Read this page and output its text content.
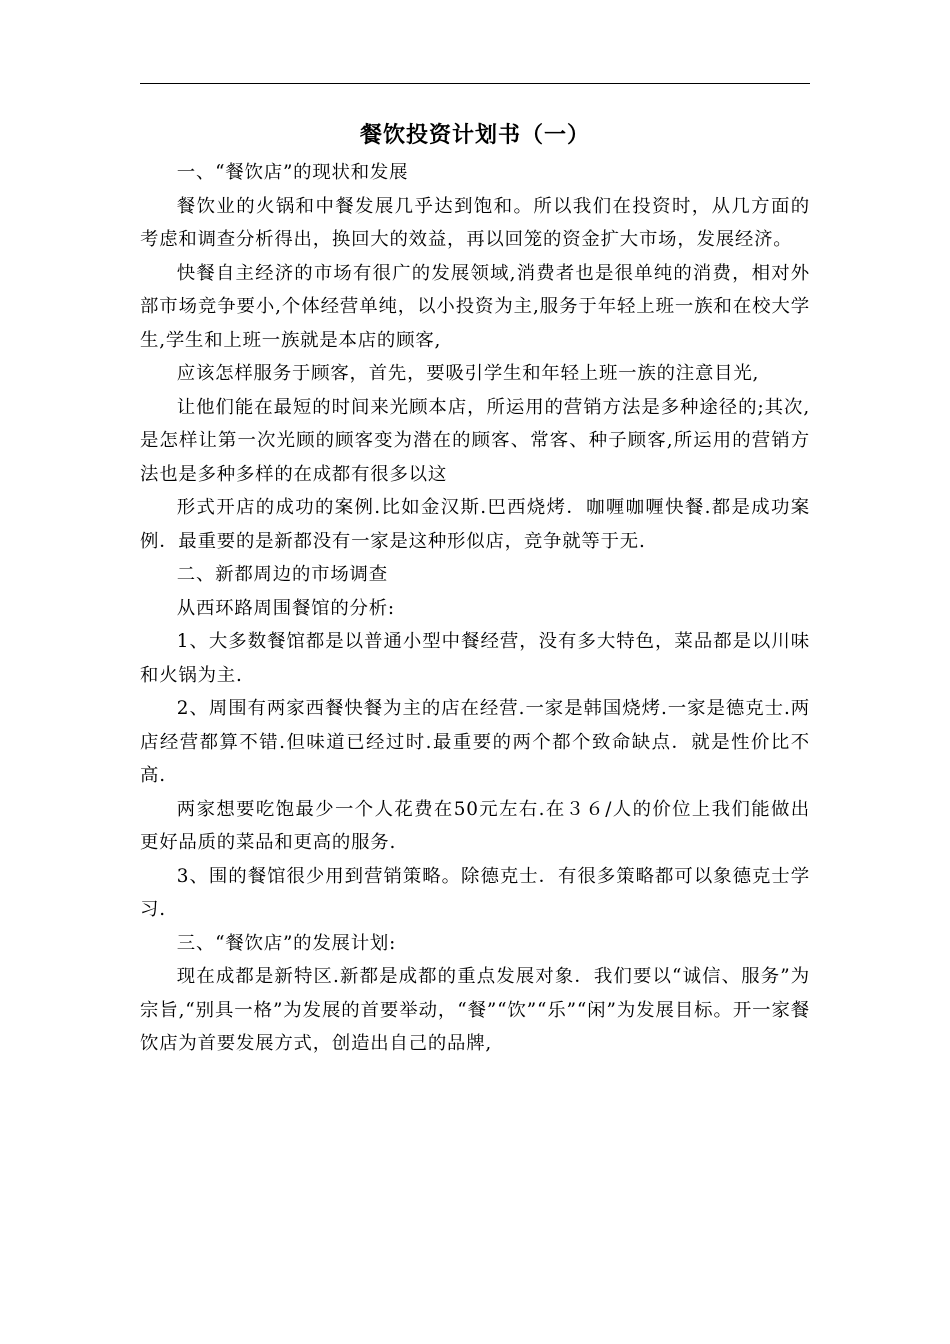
餐饮投资计划书（一）

一、“餐饮店”的现状和发展

餐饮业的火锅和中餐发展几乎达到饱和。所以我们在投资时，从几方面的考虑和调查分析得出，换回大的效益，再以回笼的资金扩大市场，发展经济。

快餐自主经济的市场有很广的发展领域,消费者也是很单纯的消费，相对外部市场竞争要小,个体经营单纯，以小投资为主,服务于年轻上班一族和在校大学生,学生和上班一族就是本店的顾客,

应该怎样服务于顾客，首先，要吸引学生和年轻上班一族的注意目光,

让他们能在最短的时间来光顾本店，所运用的营销方法是多种途径的;其次,是怎样让第一次光顾的顾客变为潜在的顾客、常客、种子顾客,所运用的营销方法也是多种多样的在成都有很多以这

形式开店的成功的案例.比如金汉斯.巴西烧烤．咖喱咖喱快餐.都是成功案例．最重要的是新都没有一家是这种形似店，竞争就等于无.

二、新都周边的市场调查

从西环路周围餐馆的分析:

1、大多数餐馆都是以普通小型中餐经营，没有多大特色，菜品都是以川味和火锅为主.

2、周围有两家西餐快餐为主的店在经营.一家是韩国烧烤.一家是德克士.两店经营都算不错.但味道已经过时.最重要的两个都个致命缺点．就是性价比不高.

两家想要吃饱最少一个人花费在50元左右.在３６/人的价位上我们能做出更好品质的菜品和更高的服务.

3、围的餐馆很少用到营销策略。除德克士．有很多策略都可以象德克士学习.

三、“餐饮店”的发展计划:

现在成都是新特区.新都是成都的重点发展对象．我们要以“诚信、服务”为宗旨,“别具一格”为发展的首要举动，“餐”“饮”“乐”“闲”为发展目标。开一家餐饮店为首要发展方式，创造出自己的品牌,
